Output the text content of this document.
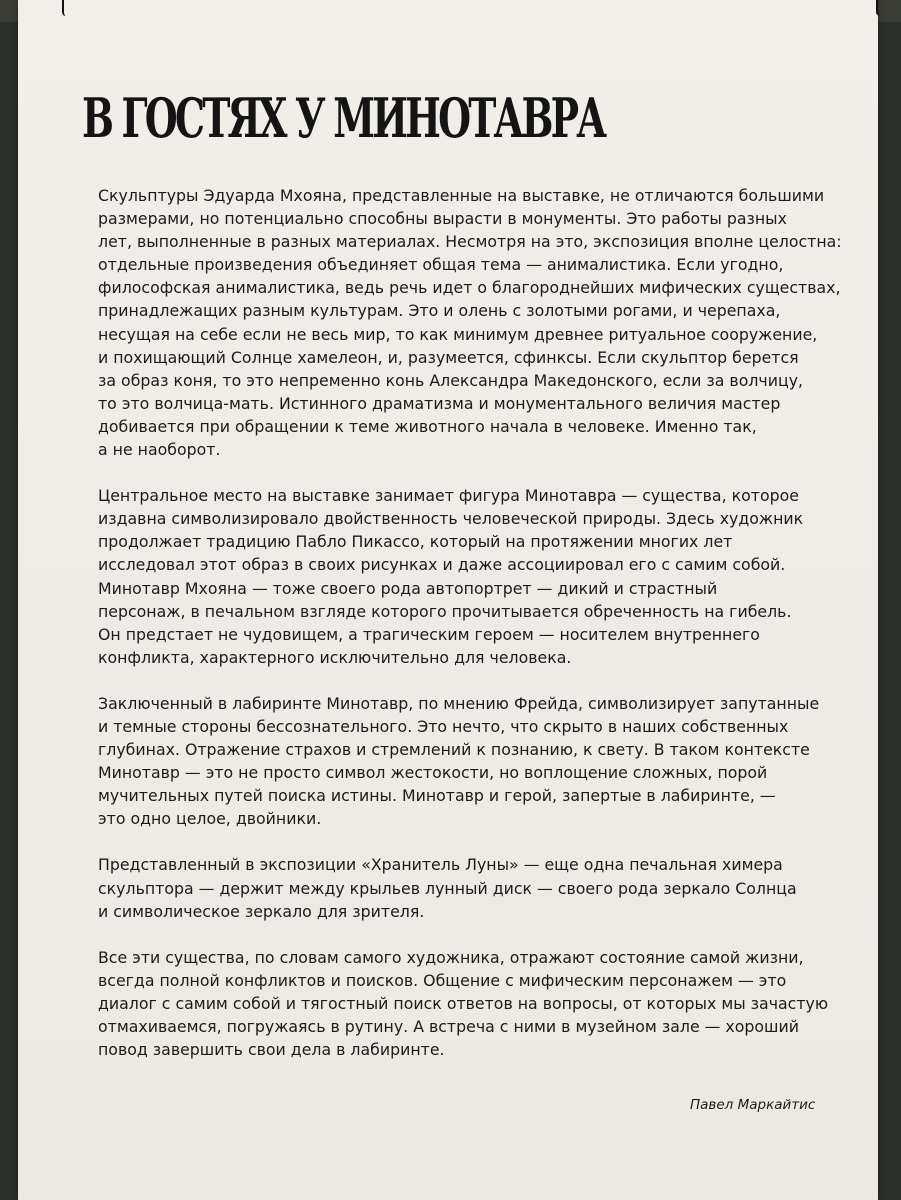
В ГОСТЯХ У МИНОТАВРА

Скульптуры Эдуарда Мхояна, представленные на выставке, не отличаются большими
размерами, но потенциально способны вырасти в монументы. Это работы разных
лет, выполненные в разных материалах. Несмотря на это, экспозиция вполне целостна:
отдельные произведения объединяет общая тема — анималистика. Если угодно,
философская анималистика, ведь речь идет о благороднейших мифических существах,
принадлежащих разным культурам. Это и олень с золотыми рогами, и черепаха,
несущая на себе если не весь мир, то как минимум древнее ритуальное сооружение,
и похищающий Солнце хамелеон, и, разумеется, сфинксы. Если скульптор берется
за образ коня, то это непременно конь Александра Македонского, если за волчицу,
то это волчица-мать. Истинного драматизма и монументального величия мастер
добивается при обращении к теме животного начала в человеке. Именно так,
а не наоборот.

Центральное место на выставке занимает фигура Минотавра — существа, которое
издавна символизировало двойственность человеческой природы. Здесь художник
продолжает традицию Пабло Пикассо, который на протяжении многих лет
исследовал этот образ в своих рисунках и даже ассоциировал его с самим собой.
Минотавр Мхояна — тоже своего рода автопортрет — дикий и страстный
персонаж, в печальном взгляде которого прочитывается обреченность на гибель.
Он предстает не чудовищем, а трагическим героем — носителем внутреннего
конфликта, характерного исключительно для человека.

Заключенный в лабиринте Минотавр, по мнению Фрейда, символизирует запутанные
и темные стороны бессознательного. Это нечто, что скрыто в наших собственных
глубинах. Отражение страхов и стремлений к познанию, к свету. В таком контексте
Минотавр — это не просто символ жестокости, но воплощение сложных, порой
мучительных путей поиска истины. Минотавр и герой, запертые в лабиринте, —
это одно целое, двойники.

Представленный в экспозиции «Хранитель Луны» — еще одна печальная химера
скульптора — держит между крыльев лунный диск — своего рода зеркало Солнца
и символическое зеркало для зрителя.

Все эти существа, по словам самого художника, отражают состояние самой жизни,
всегда полной конфликтов и поисков. Общение с мифическим персонажем — это
диалог с самим собой и тягостный поиск ответов на вопросы, от которых мы зачастую
отмахиваемся, погружаясь в рутину. А встреча с ними в музейном зале — хороший
повод завершить свои дела в лабиринте.

Павел Маркайтис
